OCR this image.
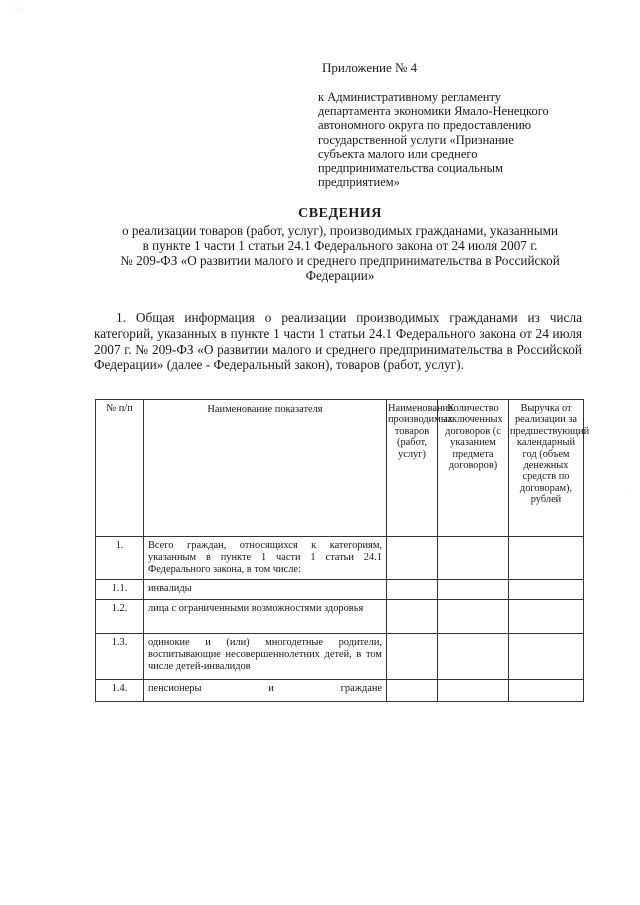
Приложение № 4
к Административному регламенту
департамента экономики Ямало-Ненецкого
автономного округа по предоставлению
государственной услуги «Признание
субъекта малого или среднего
предпринимательства социальным
предприятием»
СВЕДЕНИЯ
о реализации товаров (работ, услуг), производимых гражданами, указанными
в пункте 1 части 1 статьи 24.1 Федерального закона от 24 июля 2007 г.
№ 209-ФЗ «О развитии малого и среднего предпринимательства в Российской
Федерации»
1. Общая информация о реализации производимых гражданами из числа категорий, указанных в пункте 1 части 1 статьи 24.1 Федерального закона от 24 июля 2007 г. № 209-ФЗ «О развитии малого и среднего предпринимательства в Российской Федерации» (далее - Федеральный закон), товаров (работ, услуг).
№ п/п	Наименование показателя	Наименование производимых товаров (работ, услуг)	Количество заключенных договоров (с указанием предмета договоров)	Выручка от реализации за предшествующий календарный год (объем денежных средств по договорам), рублей
1.	Всего граждан, относящихся к категориям, указанным в пункте 1 части 1 статьи 24.1 Федерального закона, в том числе:			
1.1.	инвалиды			
1.2.	лица с ограниченными возможностями здоровья			
1.3.	одинокие и (или) многодетные родители, воспитывающие несовершеннолетних детей, в том числе детей-инвалидов			
1.4.	пенсионеры и граждане			
· · · ·
·
